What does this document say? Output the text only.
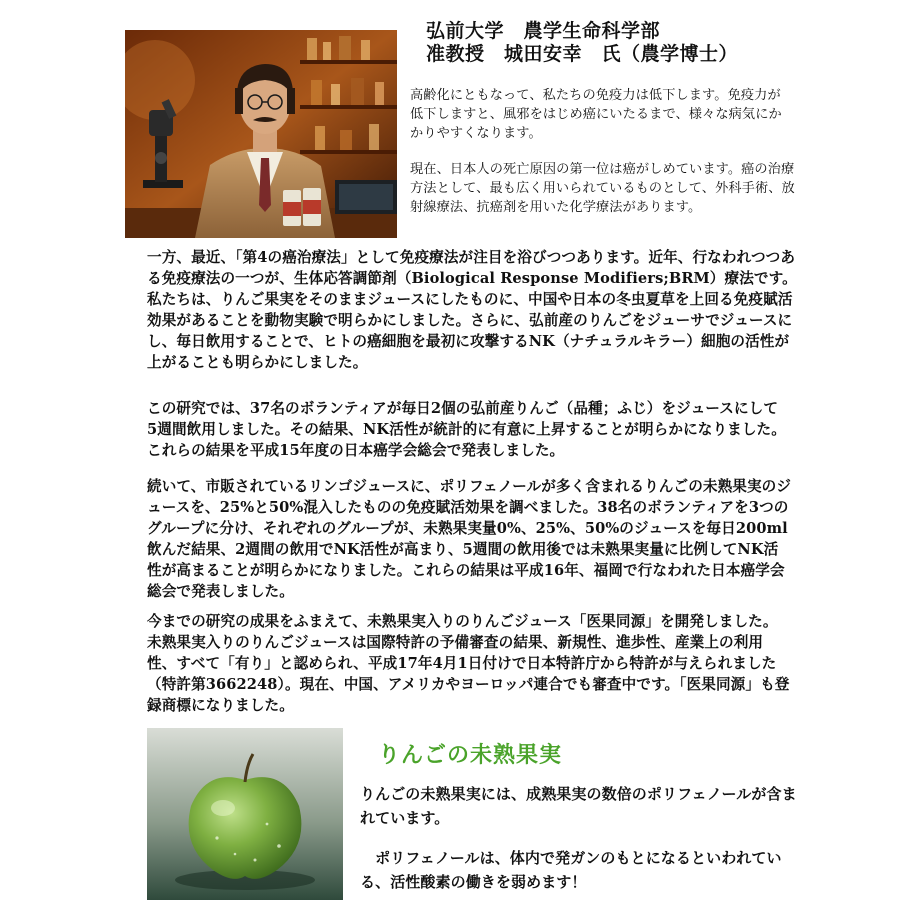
弘前大学　農学生命科学部
准教授　城田安幸　氏（農学博士）

高齢化にともなって、私たちの免疫力は低下します。免疫力が低下しますと、風邪をはじめ癌にいたるまで、様々な病気にかかりやすくなります。

現在、日本人の死亡原因の第一位は癌がしめています。癌の治療方法として、最も広く用いられているものとして、外科手術、放射線療法、抗癌剤を用いた化学療法があります。

一方、最近、「第4の癌治療法」として免疫療法が注目を浴びつつあります。近年、行なわれつつある免疫療法の一つが、生体応答調節剤（Biological Response Modifiers;BRM）療法です。私たちは、りんご果実をそのままジュースにしたものに、中国や日本の冬虫夏草を上回る免疫賦活効果があることを動物実験で明らかにしました。さらに、弘前産のりんごをジューサでジュースにし、毎日飲用することで、ヒトの癌細胞を最初に攻撃するNK（ナチュラルキラー）細胞の活性が上がることも明らかにしました。

この研究では、37名のボランティアが毎日2個の弘前産りんご（品種；ふじ）をジュースにして5週間飲用しました。その結果、NK活性が統計的に有意に上昇することが明らかになりました。これらの結果を平成15年度の日本癌学会総会で発表しました。

続いて、市販されているリンゴジュースに、ポリフェノールが多く含まれるりんごの未熟果実のジュースを、25%と50%混入したものの免疫賦活効果を調べました。38名のボランティアを3つのグループに分け、それぞれのグループが、未熟果実量0%、25%、50%のジュースを毎日200ml飲んだ結果、2週間の飲用でNK活性が高まり、5週間の飲用後では未熟果実量に比例してNK活性が高まることが明らかになりました。これらの結果は平成16年、福岡で行なわれた日本癌学会総会で発表しました。

今までの研究の成果をふまえて、未熟果実入りのりんごジュース「医果同源」を開発しました。未熟果実入りのりんごジュースは国際特許の予備審査の結果、新規性、進歩性、産業上の利用性、すべて「有り」と認められ、平成17年4月1日付けで日本特許庁から特許が与えられました（特許第3662248）。現在、中国、アメリカやヨーロッパ連合でも審査中です。「医果同源」も登録商標になりました。

りんごの未熟果実

りんごの未熟果実には、成熟果実の数倍のポリフェノールが含まれています。

　ポリフェノールは、体内で発ガンのもとになるといわれている、活性酸素の働きを弱めます！
